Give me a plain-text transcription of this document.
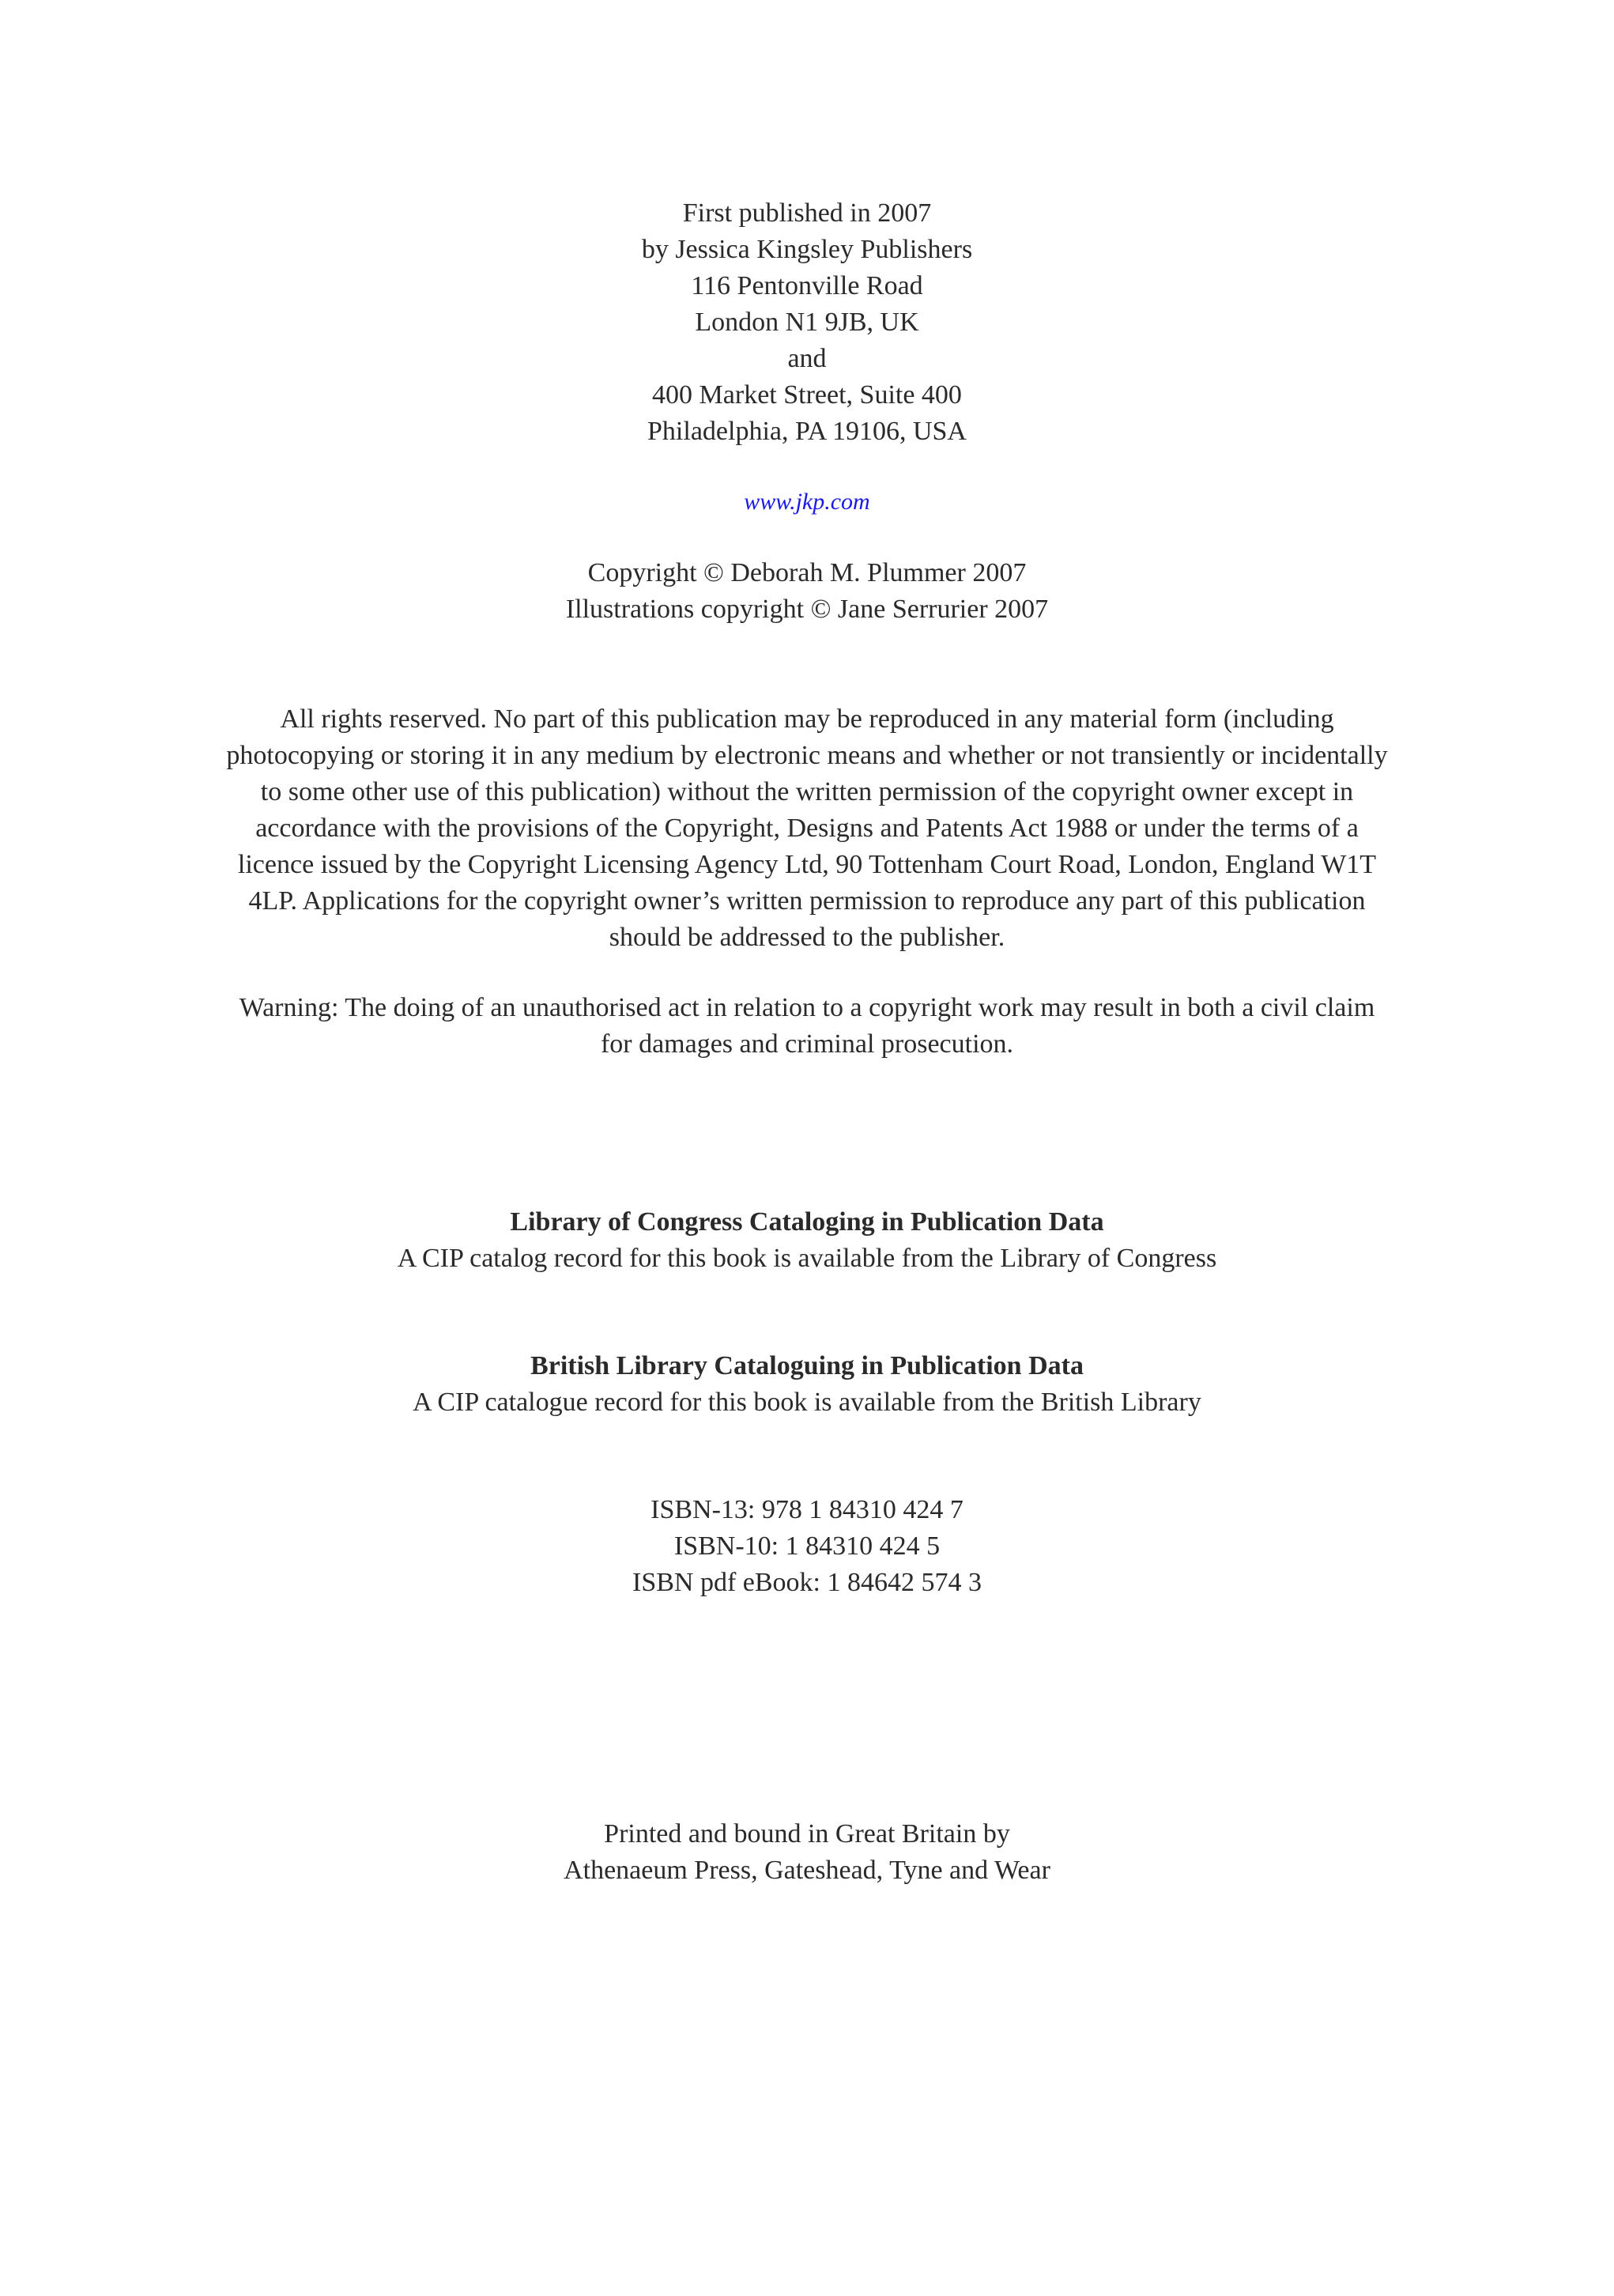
First published in 2007
by Jessica Kingsley Publishers
116 Pentonville Road
London N1 9JB, UK
and
400 Market Street, Suite 400
Philadelphia, PA 19106, USA
www.jkp.com
Copyright © Deborah M. Plummer 2007
Illustrations copyright © Jane Serrurier 2007
All rights reserved. No part of this publication may be reproduced in any material form (including
photocopying or storing it in any medium by electronic means and whether or not transiently or incidentally
to some other use of this publication) without the written permission of the copyright owner except in
accordance with the provisions of the Copyright, Designs and Patents Act 1988 or under the terms of a
licence issued by the Copyright Licensing Agency Ltd, 90 Tottenham Court Road, London, England W1T
4LP. Applications for the copyright owner’s written permission to reproduce any part of this publication
should be addressed to the publisher.
Warning: The doing of an unauthorised act in relation to a copyright work may result in both a civil claim
for damages and criminal prosecution.
Library of Congress Cataloging in Publication Data
A CIP catalog record for this book is available from the Library of Congress
British Library Cataloguing in Publication Data
A CIP catalogue record for this book is available from the British Library
ISBN-13: 978 1 84310 424 7
ISBN-10: 1 84310 424 5
ISBN pdf eBook: 1 84642 574 3
Printed and bound in Great Britain by
Athenaeum Press, Gateshead, Tyne and Wear
